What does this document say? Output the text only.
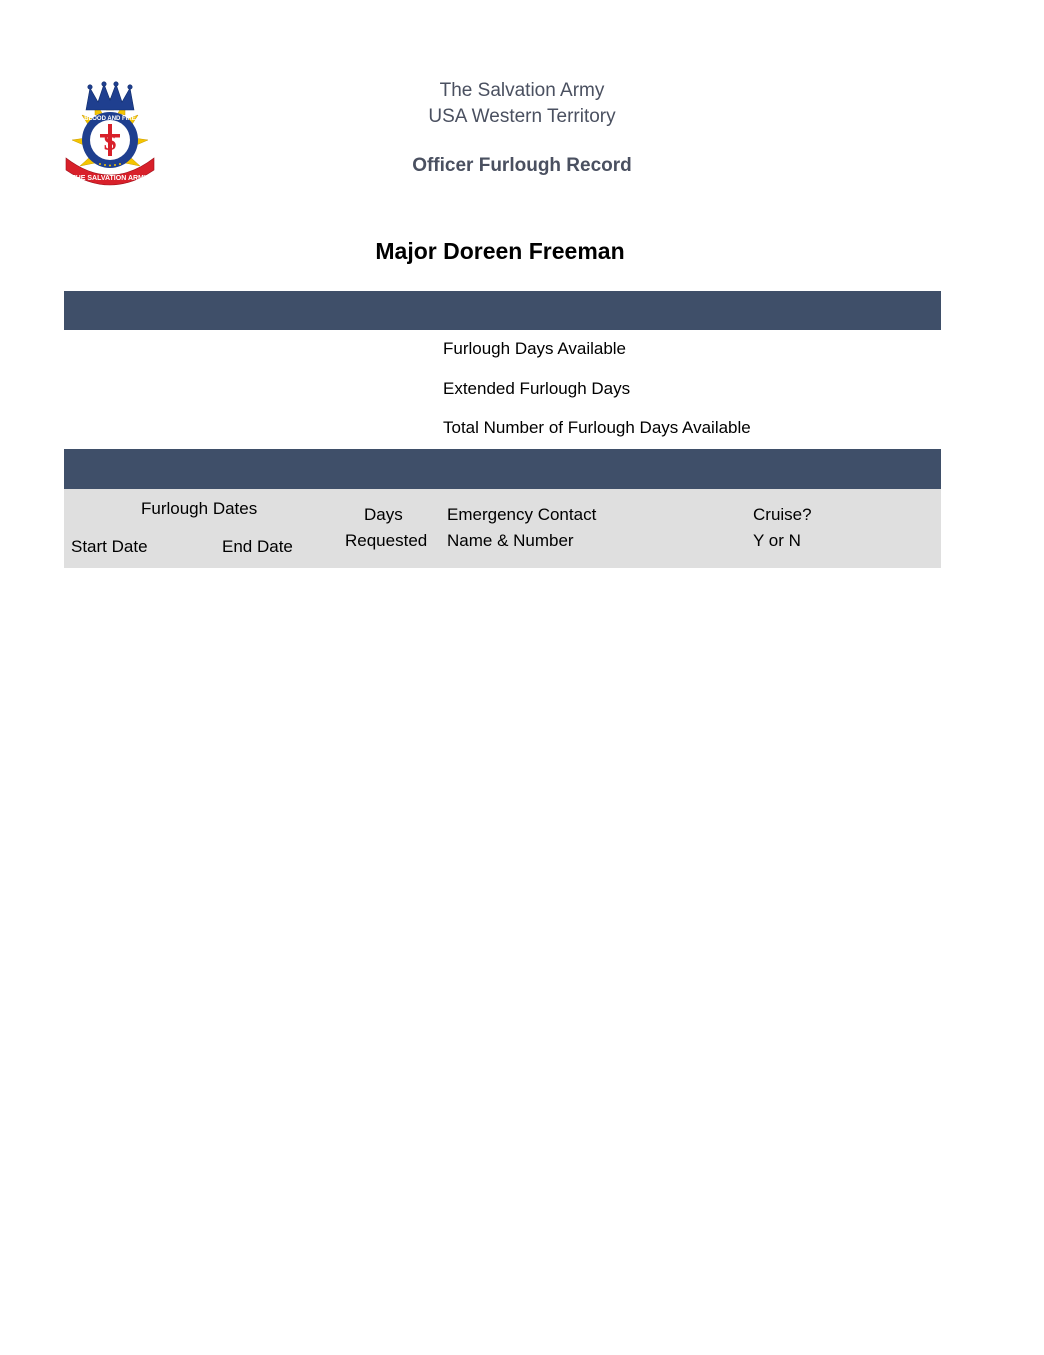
BLOOD AND FIRE
S
THE SALVATION ARMY
The Salvation Army
USA Western Territory
Officer Furlough Record
Major Doreen Freeman
Furlough Days Available
Extended Furlough Days
Total Number of Furlough Days Available
Furlough Dates
Start Date	End Date
Days
Requested
Emergency Contact
Name & Number
Cruise?
Y or N
